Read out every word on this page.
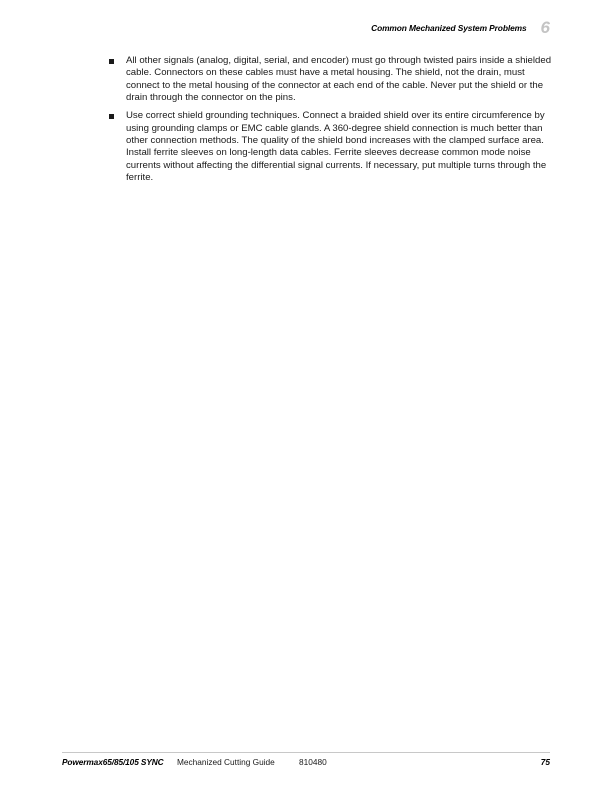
Common Mechanized System Problems 6
All other signals (analog, digital, serial, and encoder) must go through twisted pairs inside a shielded cable. Connectors on these cables must have a metal housing. The shield, not the drain, must connect to the metal housing of the connector at each end of the cable. Never put the shield or the drain through the connector on the pins.
Use correct shield grounding techniques. Connect a braided shield over its entire circumference by using grounding clamps or EMC cable glands. A 360-degree shield connection is much better than other connection methods. The quality of the shield bond increases with the clamped surface area. Install ferrite sleeves on long-length data cables. Ferrite sleeves decrease common mode noise currents without affecting the differential signal currents. If necessary, put multiple turns through the ferrite.
Powermax65/85/105 SYNC Mechanized Cutting Guide	810480	75
